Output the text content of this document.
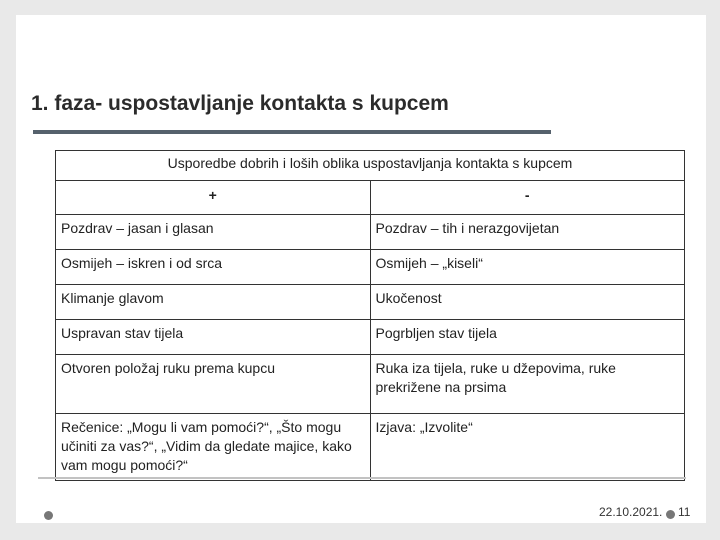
1. faza- uspostavljanje kontakta s kupcem
Usporedbe dobrih i loših oblika uspostavljanja kontakta s kupcem	
+	-
Pozdrav – jasan i glasan	Pozdrav – tih i nerazgovijetan
Osmijeh – iskren i od srca	Osmijeh – „kiseli“
Klimanje glavom	Ukočenost
Uspravan stav tijela	Pogrbljen stav tijela
Otvoren položaj ruku prema kupcu	Ruka iza tijela, ruke u džepovima, ruke prekrižene na prsima
Rečenice: „Mogu li vam pomoći?“, „Što mogu učiniti za vas?“, „Vidim da gledate majice, kako vam mogu pomoći?“	Izjava: „Izvolite“
22.10.2021. 11
